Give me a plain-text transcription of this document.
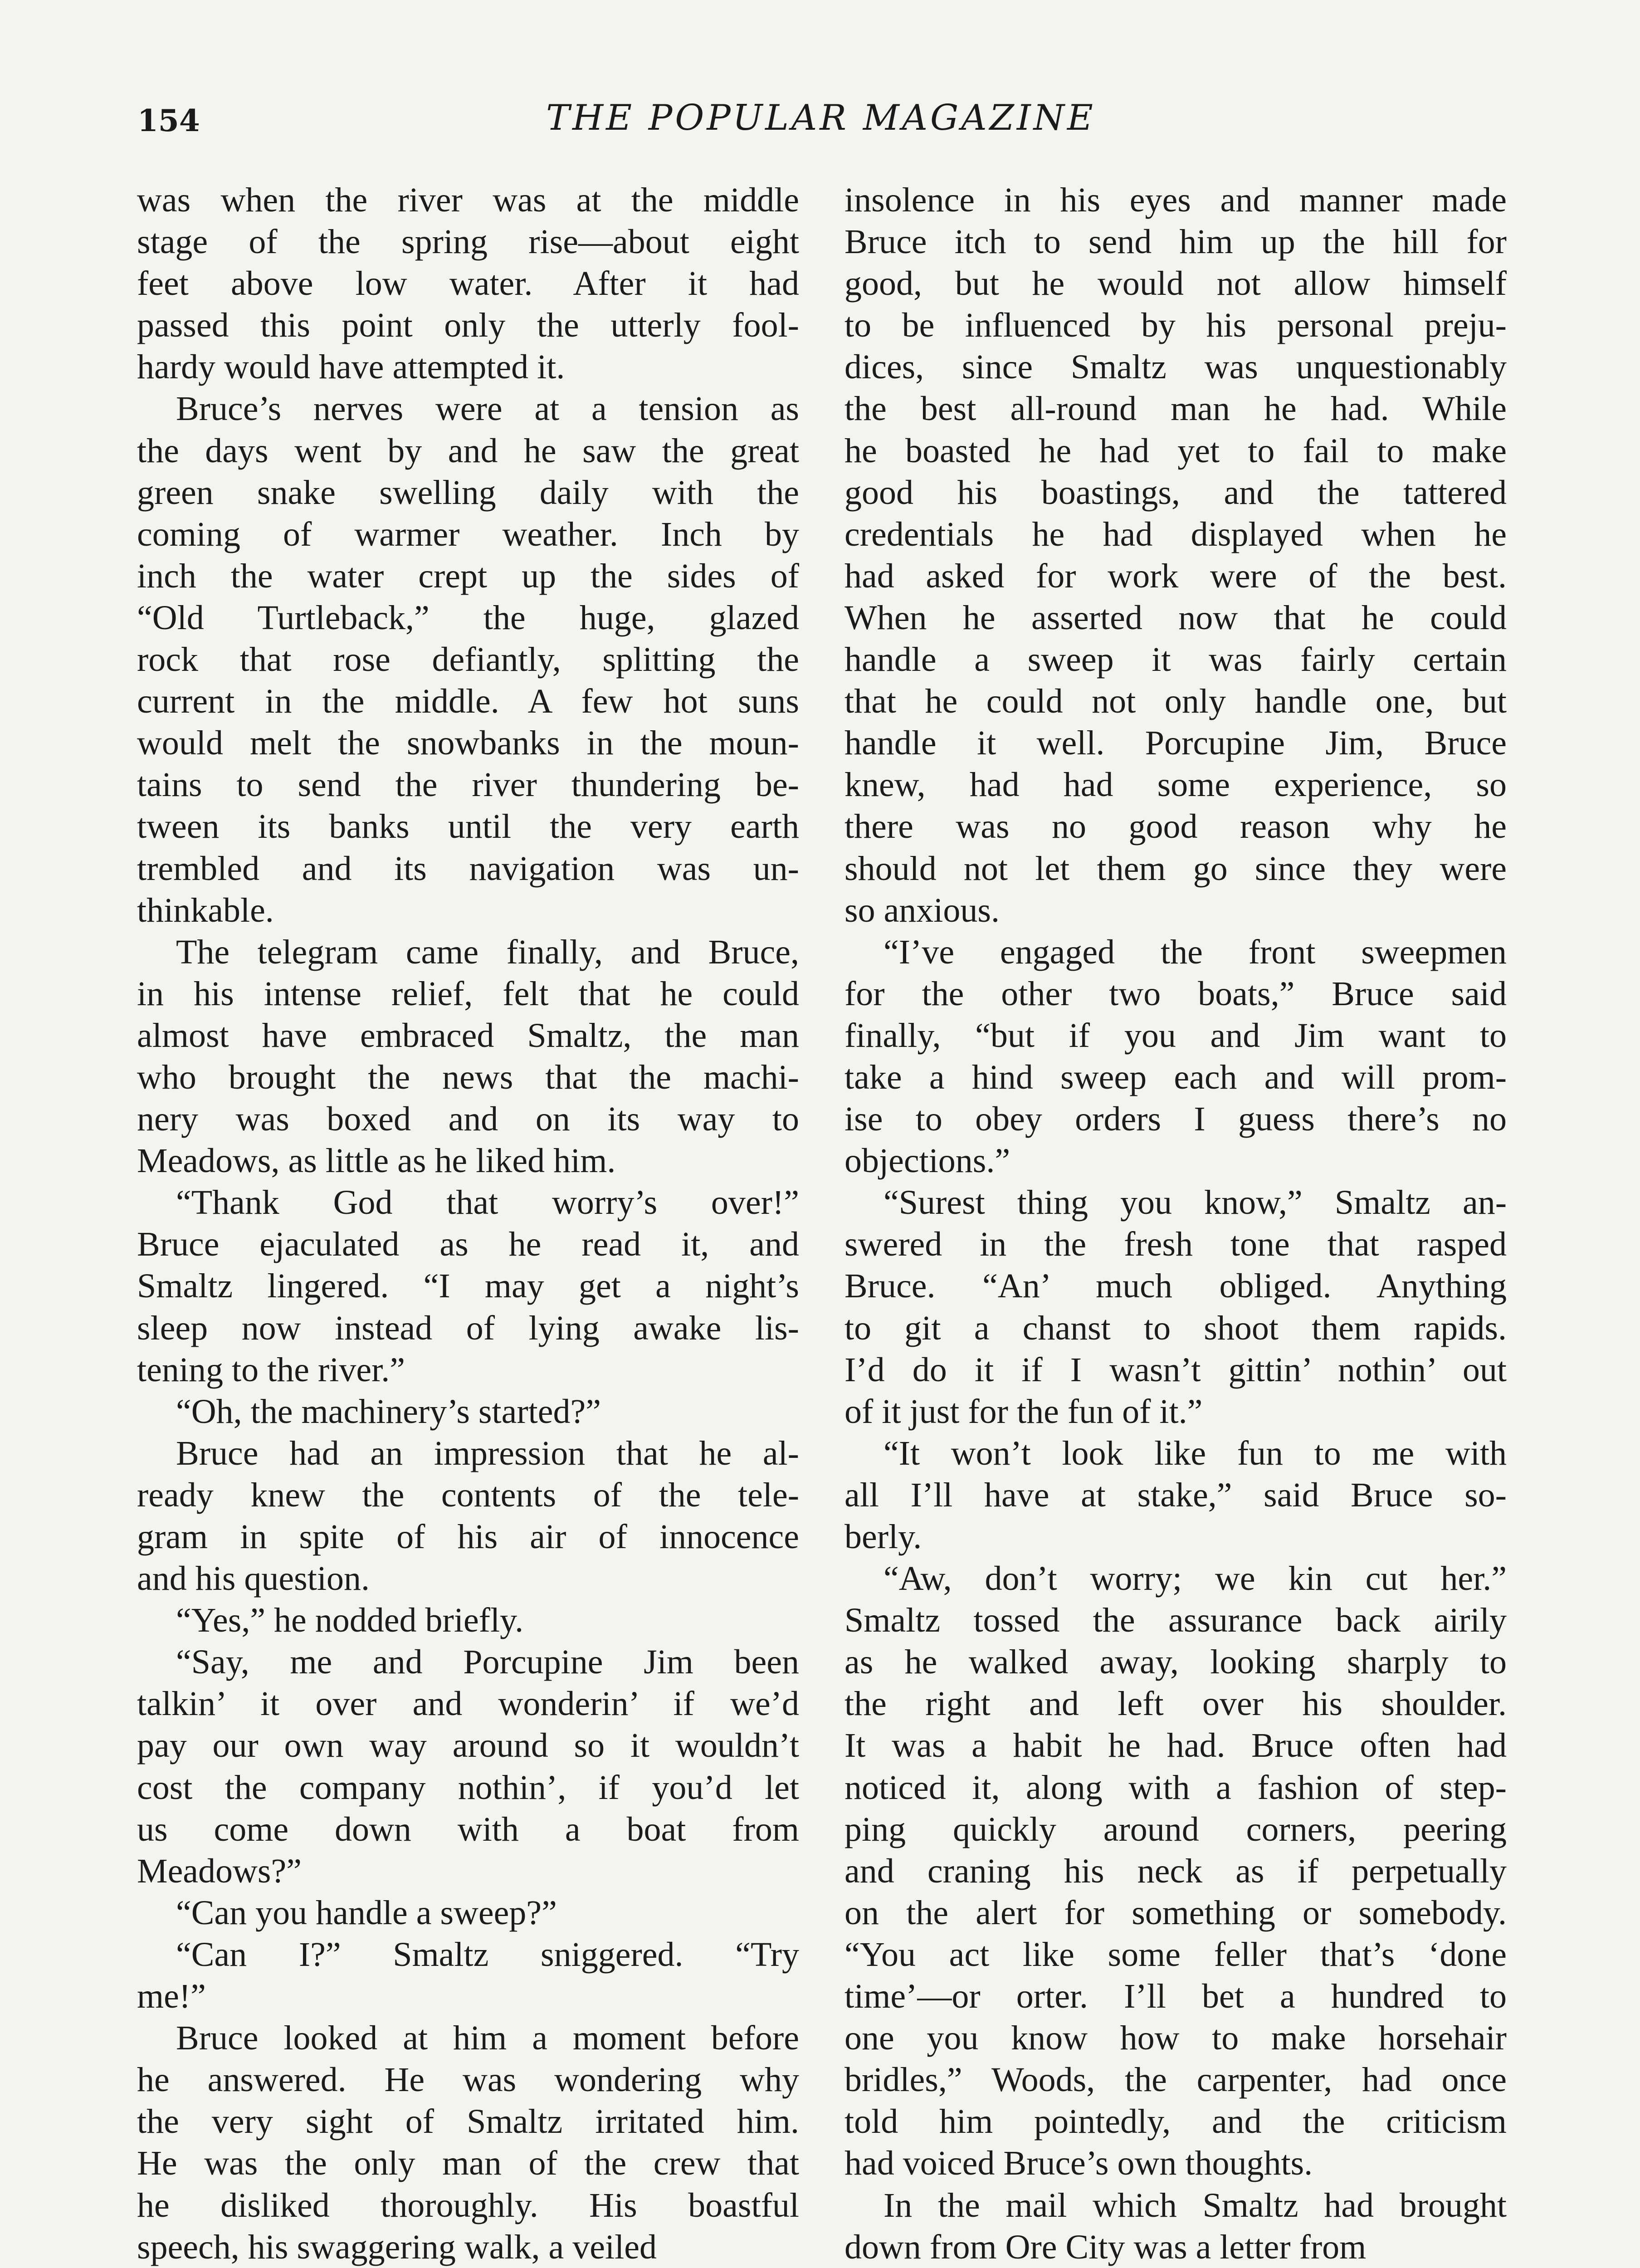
154	THE POPULAR MAGAZINE

was when the river was at the middle
stage of the spring rise—about eight
feet above low water. After it had
passed this point only the utterly fool-
hardy would have attempted it.

Bruce’s nerves were at a tension as
the days went by and he saw the great
green snake swelling daily with the
coming of warmer weather. Inch by
inch the water crept up the sides of
“Old Turtleback,” the huge, glazed
rock that rose defiantly, splitting the
current in the middle. A few hot suns
would melt the snowbanks in the moun-
tains to send the river thundering be-
tween its banks until the very earth
trembled and its navigation was un-
thinkable.

The telegram came finally, and Bruce,
in his intense relief, felt that he could
almost have embraced Smaltz, the man
who brought the news that the machi-
nery was boxed and on its way to
Meadows, as little as he liked him.

“Thank God that worry’s over!”
Bruce ejaculated as he read it, and
Smaltz lingered. “I may get a night’s
sleep now instead of lying awake lis-
tening to the river.”

“Oh, the machinery’s started?”

Bruce had an impression that he al-
ready knew the contents of the tele-
gram in spite of his air of innocence
and his question.

“Yes,” he nodded briefly.

“Say, me and Porcupine Jim been
talkin’ it over and wonderin’ if we’d
pay our own way around so it wouldn’t
cost the company nothin’, if you’d let
us come down with a boat from
Meadows?”

“Can you handle a sweep?”

“Can I?” Smaltz sniggered. “Try
me!”

Bruce looked at him a moment before
he answered. He was wondering why
the very sight of Smaltz irritated him.
He was the only man of the crew that
he disliked thoroughly. His boastful
speech, his swaggering walk, a veiled

insolence in his eyes and manner made
Bruce itch to send him up the hill for
good, but he would not allow himself
to be influenced by his personal preju-
dices, since Smaltz was unquestionably
the best all-round man he had. While
he boasted he had yet to fail to make
good his boastings, and the tattered
credentials he had displayed when he
had asked for work were of the best.
When he asserted now that he could
handle a sweep it was fairly certain
that he could not only handle one, but
handle it well. Porcupine Jim, Bruce
knew, had had some experience, so
there was no good reason why he
should not let them go since they were
so anxious.

“I’ve engaged the front sweepmen
for the other two boats,” Bruce said
finally, “but if you and Jim want to
take a hind sweep each and will prom-
ise to obey orders I guess there’s no
objections.”

“Surest thing you know,” Smaltz an-
swered in the fresh tone that rasped
Bruce. “An’ much obliged. Anything
to git a chanst to shoot them rapids.
I’d do it if I wasn’t gittin’ nothin’ out
of it just for the fun of it.”

“It won’t look like fun to me with
all I’ll have at stake,” said Bruce so-
berly.

“Aw, don’t worry; we kin cut her.”
Smaltz tossed the assurance back airily
as he walked away, looking sharply to
the right and left over his shoulder.
It was a habit he had. Bruce often had
noticed it, along with a fashion of step-
ping quickly around corners, peering
and craning his neck as if perpetually
on the alert for something or somebody.
“You act like some feller that’s ‘done
time’—or orter. I’ll bet a hundred to
one you know how to make horsehair
bridles,” Woods, the carpenter, had once
told him pointedly, and the criticism
had voiced Bruce’s own thoughts.

In the mail which Smaltz had brought
down from Ore City was a letter from
